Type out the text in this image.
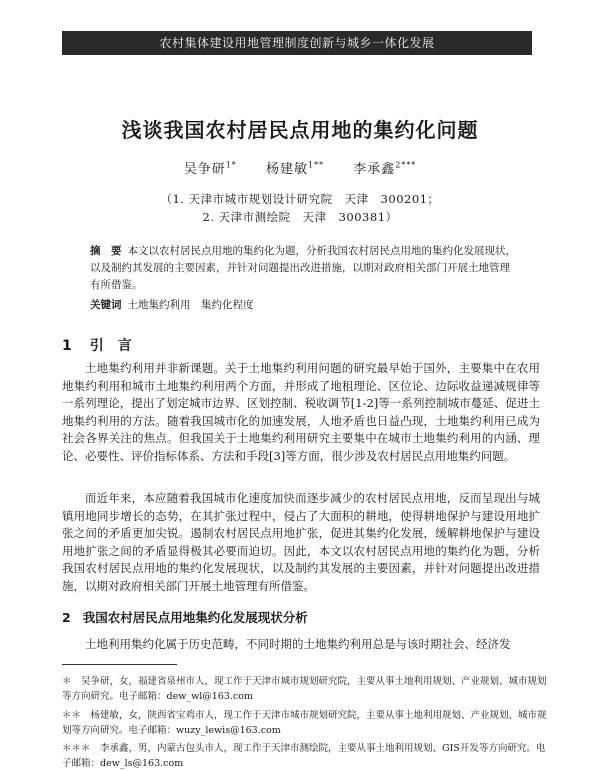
农村集体建设用地管理制度创新与城乡一体化发展
浅谈我国农村居民点用地的集约化问题
吴争研$^{1*}$ 杨建敏$^{1**}$ 李承鑫$^{2***}$
（1. 天津市城市规划设计研究院　天津　300201；
2. 天津市测绘院　天津　300381）
摘　要 本文以农村居民点用地的集约化为题，分析我国农村居民点用地的集约化发展现状，以及制约其发展的主要因素，并针对问题提出改进措施，以期对政府相关部门开展土地管理有所借鉴。
关键词 土地集约利用　集约化程度
1 引言

土地集约利用并非新课题。关于土地集约利用问题的研究最早始于国外，主要集中在农用地集约利用和城市土地集约利用两个方面，并形成了地租理论、区位论、边际收益递减规律等一系列理论，提出了划定城市边界、区划控制、税收调节[1-2]等一系列控制城市蔓延、促进土地集约利用的方法。随着我国城市化的加速发展，人地矛盾也日益凸现，土地集约利用已成为社会各界关注的焦点。但我国关于土地集约利用研究主要集中在城市土地集约利用的内涵、理论、必要性、评价指标体系、方法和手段[3]等方面，很少涉及农村居民点用地集约问题。

而近年来，本应随着我国城市化速度加快而逐步减少的农村居民点用地，反而呈现出与城镇用地同步增长的态势，在其扩张过程中，侵占了大面积的耕地，使得耕地保护与建设用地扩张之间的矛盾更加尖锐。遏制农村居民点用地扩张，促进其集约化发展，缓解耕地保护与建设用地扩张之间的矛盾显得极其必要而迫切。因此，本文以农村居民点用地的集约化为题，分析我国农村居民点用地的集约化发展现状，以及制约其发展的主要因素，并针对问题提出改进措施，以期对政府相关部门开展土地管理有所借鉴。

2 我国农村居民点用地集约化发展现状分析

土地利用集约化属于历史范畴，不同时期的土地集约利用总是与该时期社会、经济发

＊　吴争研，女，福建省泉州市人，现工作于天津市城市规划研究院，主要从事土地利用规划、产业规划、城市规划等方向研究。电子邮箱：dew_wl@163.com
＊＊　杨建敏，女，陕西省宝鸡市人，现工作于天津市城市规划研究院，主要从事土地利用规划、产业规划、城市规划等方向研究。电子邮箱：wuzy_lewis@163.com
＊＊＊　李承鑫，男，内蒙古包头市人，现工作于天津市测绘院，主要从事土地利用规划、GIS开发等方向研究。电子邮箱：dew_ls@163.com
